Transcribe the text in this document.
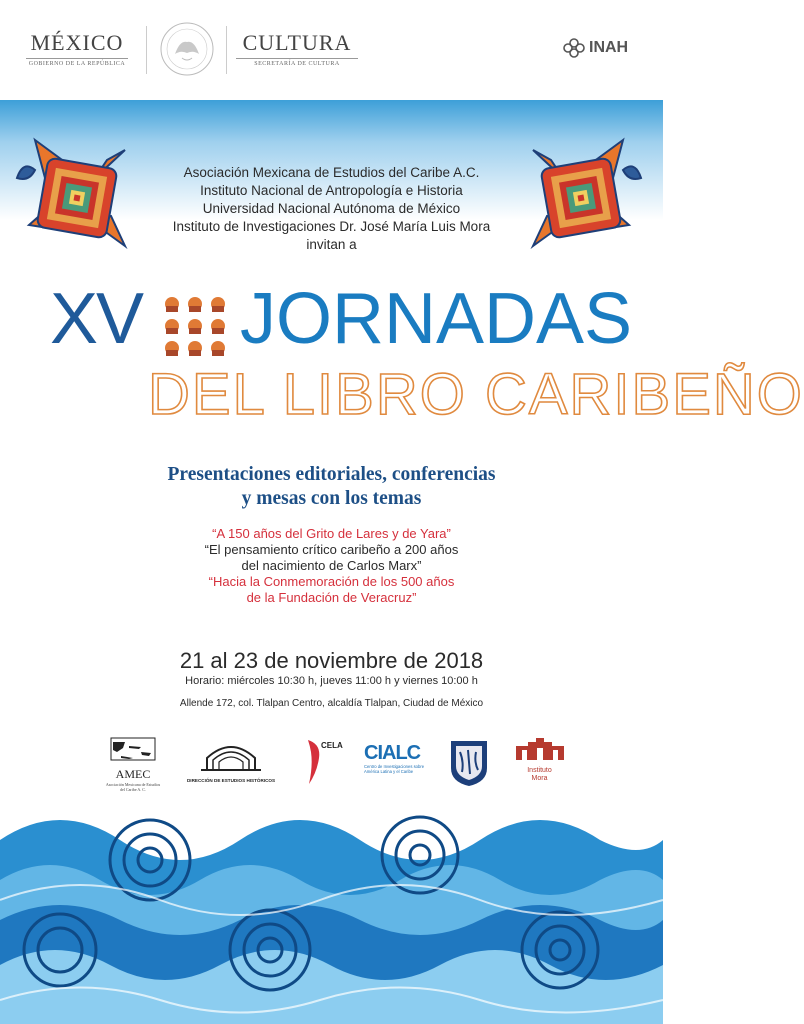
MÉXICO
GOBIERNO DE LA REPÚBLICA
CULTURA
SECRETARÍA DE CULTURA
INAH
Asociación Mexicana de Estudios del Caribe A.C.
Instituto Nacional de Antropología e Historia
Universidad Nacional Autónoma de México
Instituto de Investigaciones Dr. José María Luis Mora
invitan a
XV JORNADAS
DEL LIBRO CARIBEÑO
Presentaciones editoriales, conferencias
y mesas con los temas
“A 150 años del Grito de Lares y de Yara”
“El pensamiento crítico caribeño a 200 años
del nacimiento de Carlos Marx”
“Hacia la Conmemoración de los 500 años
de la Fundación de Veracruz”
21 al 23 de noviembre de 2018
Horario: miércoles 10:30 h, jueves 11:00 h y viernes 10:00 h
Allende 172, col. Tlalpan Centro, alcaldía Tlalpan, Ciudad de México
AMEC
Asociación Mexicana de Estudios del Caribe A. C.
DIRECCIÓN DE ESTUDIOS HISTÓRICOS
CELA CIALC
Centro de Investigaciones sobre América Latina y el Caribe	Instituto
Mora
